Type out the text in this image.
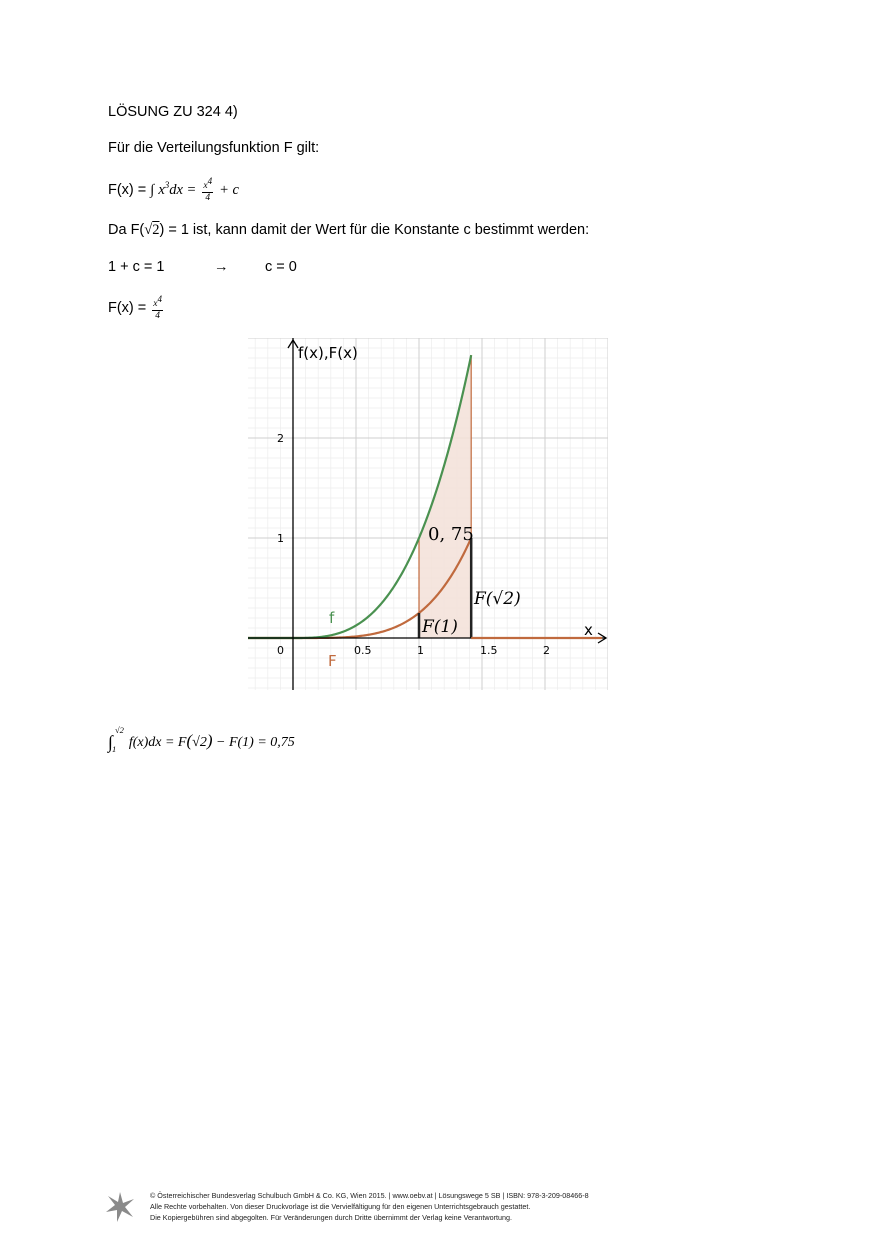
LÖSUNG ZU 324 4)
Für die Verteilungsfunktion F gilt:
F(x) = ∫ $x^3dx = \frac{x4}{4} + c$
Da F(√2) = 1 ist, kann damit der Wert für die Konstante c bestimmt werden:
1 + c = 1	→	c = 0
$F(x) = \frac{x4}{4}$
0	0.5	1	1.5	2
1
2
f(x),F(x)
x
f
F
0, 75
F(1)
F(√2)
∫
√2
1 f(x)dx = F(√2) − F(1) = 0,75
© Österreichischer Bundesverlag Schulbuch GmbH & Co. KG, Wien 2015. | www.oebv.at | Lösungswege 5 SB | ISBN: 978-3-209-08466-8
Alle Rechte vorbehalten. Von dieser Druckvorlage ist die Vervielfältigung für den eigenen Unterrichtsgebrauch gestattet.
Die Kopiergebühren sind abgegolten. Für Veränderungen durch Dritte übernimmt der Verlag keine Verantwortung.
